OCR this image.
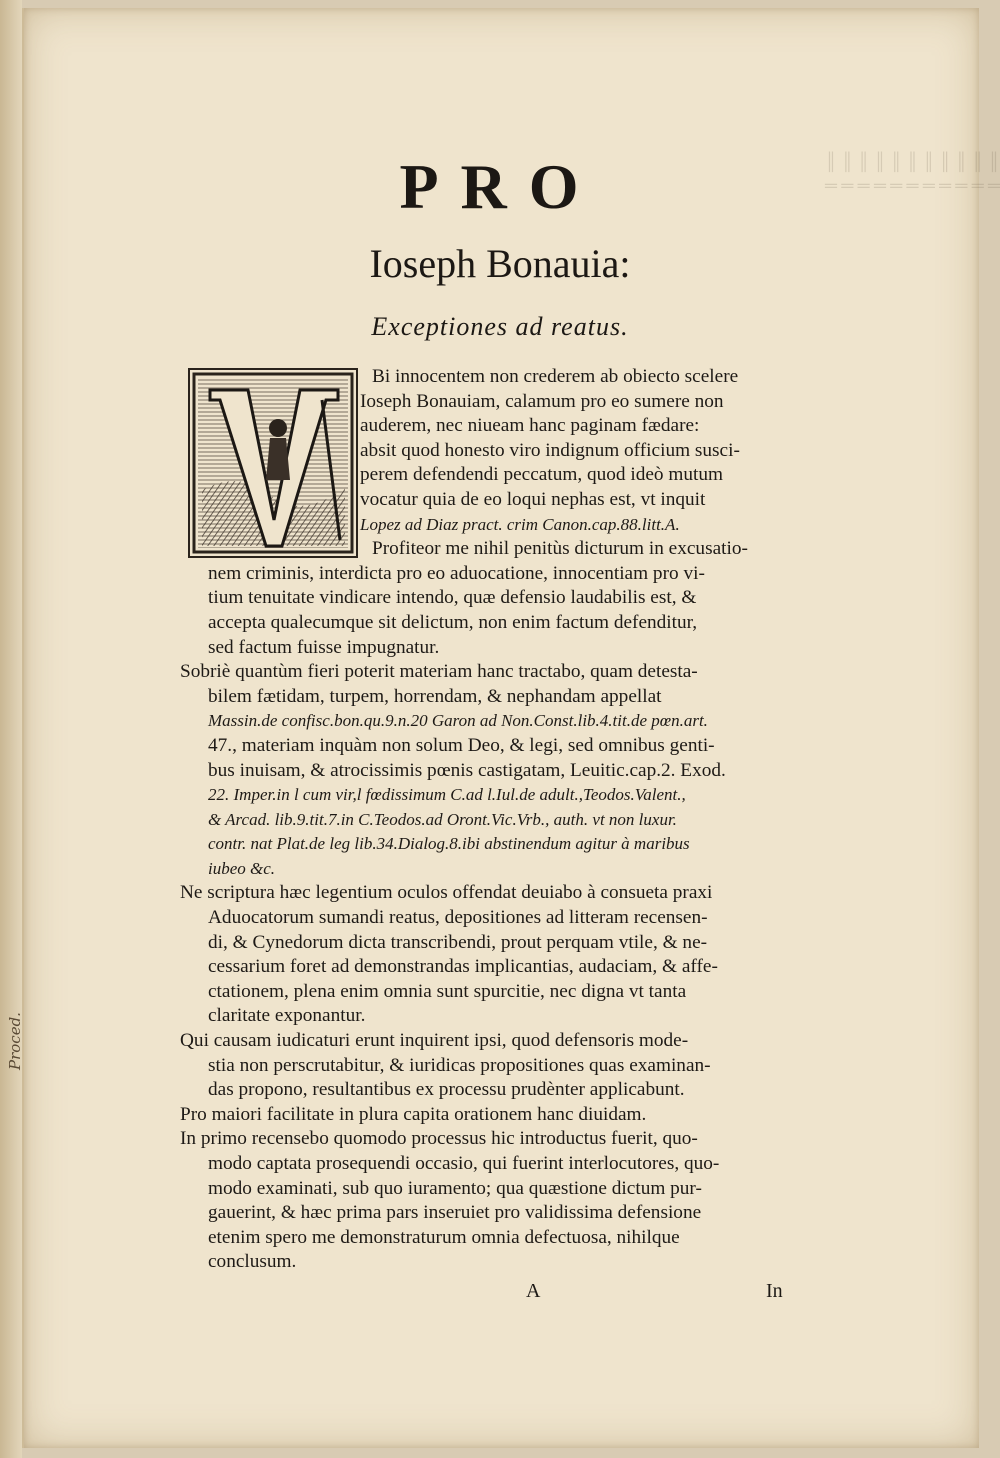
Proced.
║ ║ ║ ║ ║ ║ ║ ║ ║ ║ ║
═ ═ ═ ═ ═ ═ ═ ═ ═ ═ ═
PRO
Ioseph Bonauia:
Exceptiones ad reatus.
Bi innocentem non crederem ab obiecto scelere
Ioseph Bonauiam, calamum pro eo sumere non
auderem, nec niueam hanc paginam fædare:
absit quod honesto viro indignum officium susci-
perem defendendi peccatum, quod ideò mutum
vocatur quia de eo loqui nephas est, vt inquit
Lopez ad Diaz pract. crim Canon.cap.88.litt.A.
Profiteor me nihil penitùs dicturum in excusatio-
nem criminis, interdicta pro eo aduocatione, innocentiam pro vi-
tium tenuitate vindicare intendo, quæ defensio laudabilis est, &
accepta qualecumque sit delictum, non enim factum defenditur,
sed factum fuisse impugnatur.
Sobriè quantùm fieri poterit materiam hanc tractabo, quam detesta-
bilem fætidam, turpem, horrendam, & nephandam appellat
Massin.de confisc.bon.qu.9.n.20 Garon ad Non.Const.lib.4.tit.de pœn.art.
47., materiam inquàm non solum Deo, & legi, sed omnibus genti-
bus inuisam, & atrocissimis pœnis castigatam, Leuitic.cap.2. Exod.
22. Imper.in l cum vir,l fœdissimum C.ad l.Iul.de adult.,Teodos.Valent.,
& Arcad. lib.9.tit.7.in C.Teodos.ad Oront.Vic.Vrb., auth. vt non luxur.
contr. nat Plat.de leg lib.34.Dialog.8.ibi abstinendum agitur à maribus
iubeo &c.
Ne scriptura hæc legentium oculos offendat deuiabo à consueta praxi
Aduocatorum sumandi reatus, depositiones ad litteram recensen-
di, & Cynedorum dicta transcribendi, prout perquam vtile, & ne-
cessarium foret ad demonstrandas implicantias, audaciam, & affe-
ctationem, plena enim omnia sunt spurcitie, nec digna vt tanta
claritate exponantur.
Qui causam iudicaturi erunt inquirent ipsi, quod defensoris mode-
stia non perscrutabitur, & iuridicas propositiones quas examinan-
das propono, resultantibus ex processu prudènter applicabunt.
Pro maiori facilitate in plura capita orationem hanc diuidam.
In primo recensebo quomodo processus hic introductus fuerit, quo-
modo captata prosequendi occasio, qui fuerint interlocutores, quo-
modo examinati, sub quo iuramento; qua quæstione dictum pur-
gauerint, & hæc prima pars inseruiet pro validissima defensione
etenim spero me demonstraturum omnia defectuosa, nihilque
conclusum.
A	In
